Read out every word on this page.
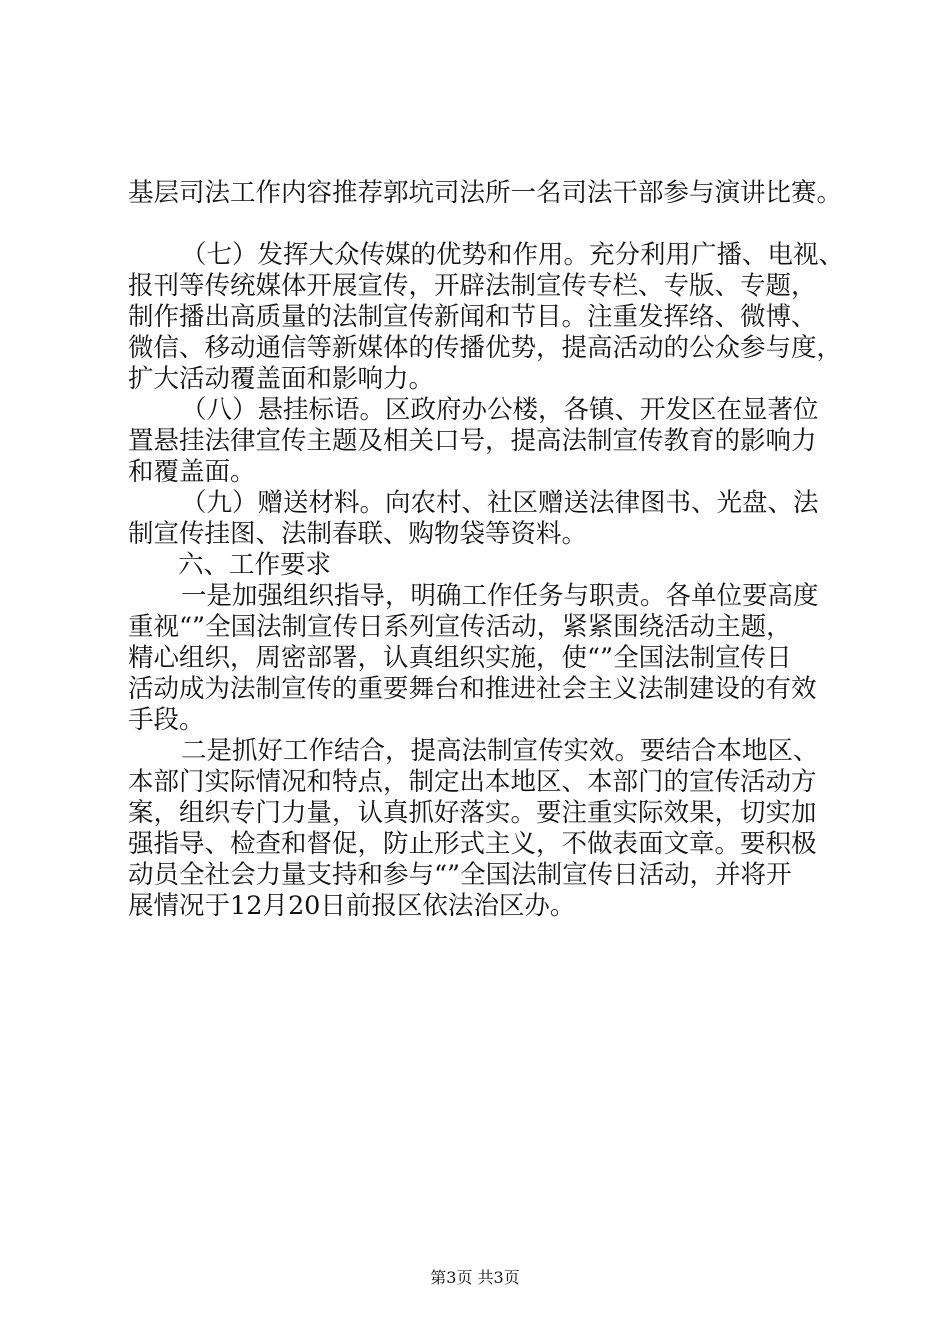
基层司法工作内容推荐郭坑司法所一名司法干部参与演讲比赛。
（七）发挥大众传媒的优势和作用。充分利用广播、电视、
报刊等传统媒体开展宣传，开辟法制宣传专栏、专版、专题，
制作播出高质量的法制宣传新闻和节目。注重发挥络、微博、
微信、移动通信等新媒体的传播优势，提高活动的公众参与度，
扩大活动覆盖面和影响力。
（八）悬挂标语。区政府办公楼，各镇、开发区在显著位
置悬挂法律宣传主题及相关口号，提高法制宣传教育的影响力
和覆盖面。
（九）赠送材料。向农村、社区赠送法律图书、光盘、法
制宣传挂图、法制春联、购物袋等资料。
六、工作要求
一是加强组织指导，明确工作任务与职责。各单位要高度
重视“”全国法制宣传日系列宣传活动，紧紧围绕活动主题，
精心组织，周密部署，认真组织实施，使“”全国法制宣传日
活动成为法制宣传的重要舞台和推进社会主义法制建设的有效
手段。
二是抓好工作结合，提高法制宣传实效。要结合本地区、
本部门实际情况和特点，制定出本地区、本部门的宣传活动方
案，组织专门力量，认真抓好落实。要注重实际效果，切实加
强指导、检查和督促，防止形式主义，不做表面文章。要积极
动员全社会力量支持和参与“”全国法制宣传日活动，并将开
展情况于12月20日前报区依法治区办。
第3页 共3页
